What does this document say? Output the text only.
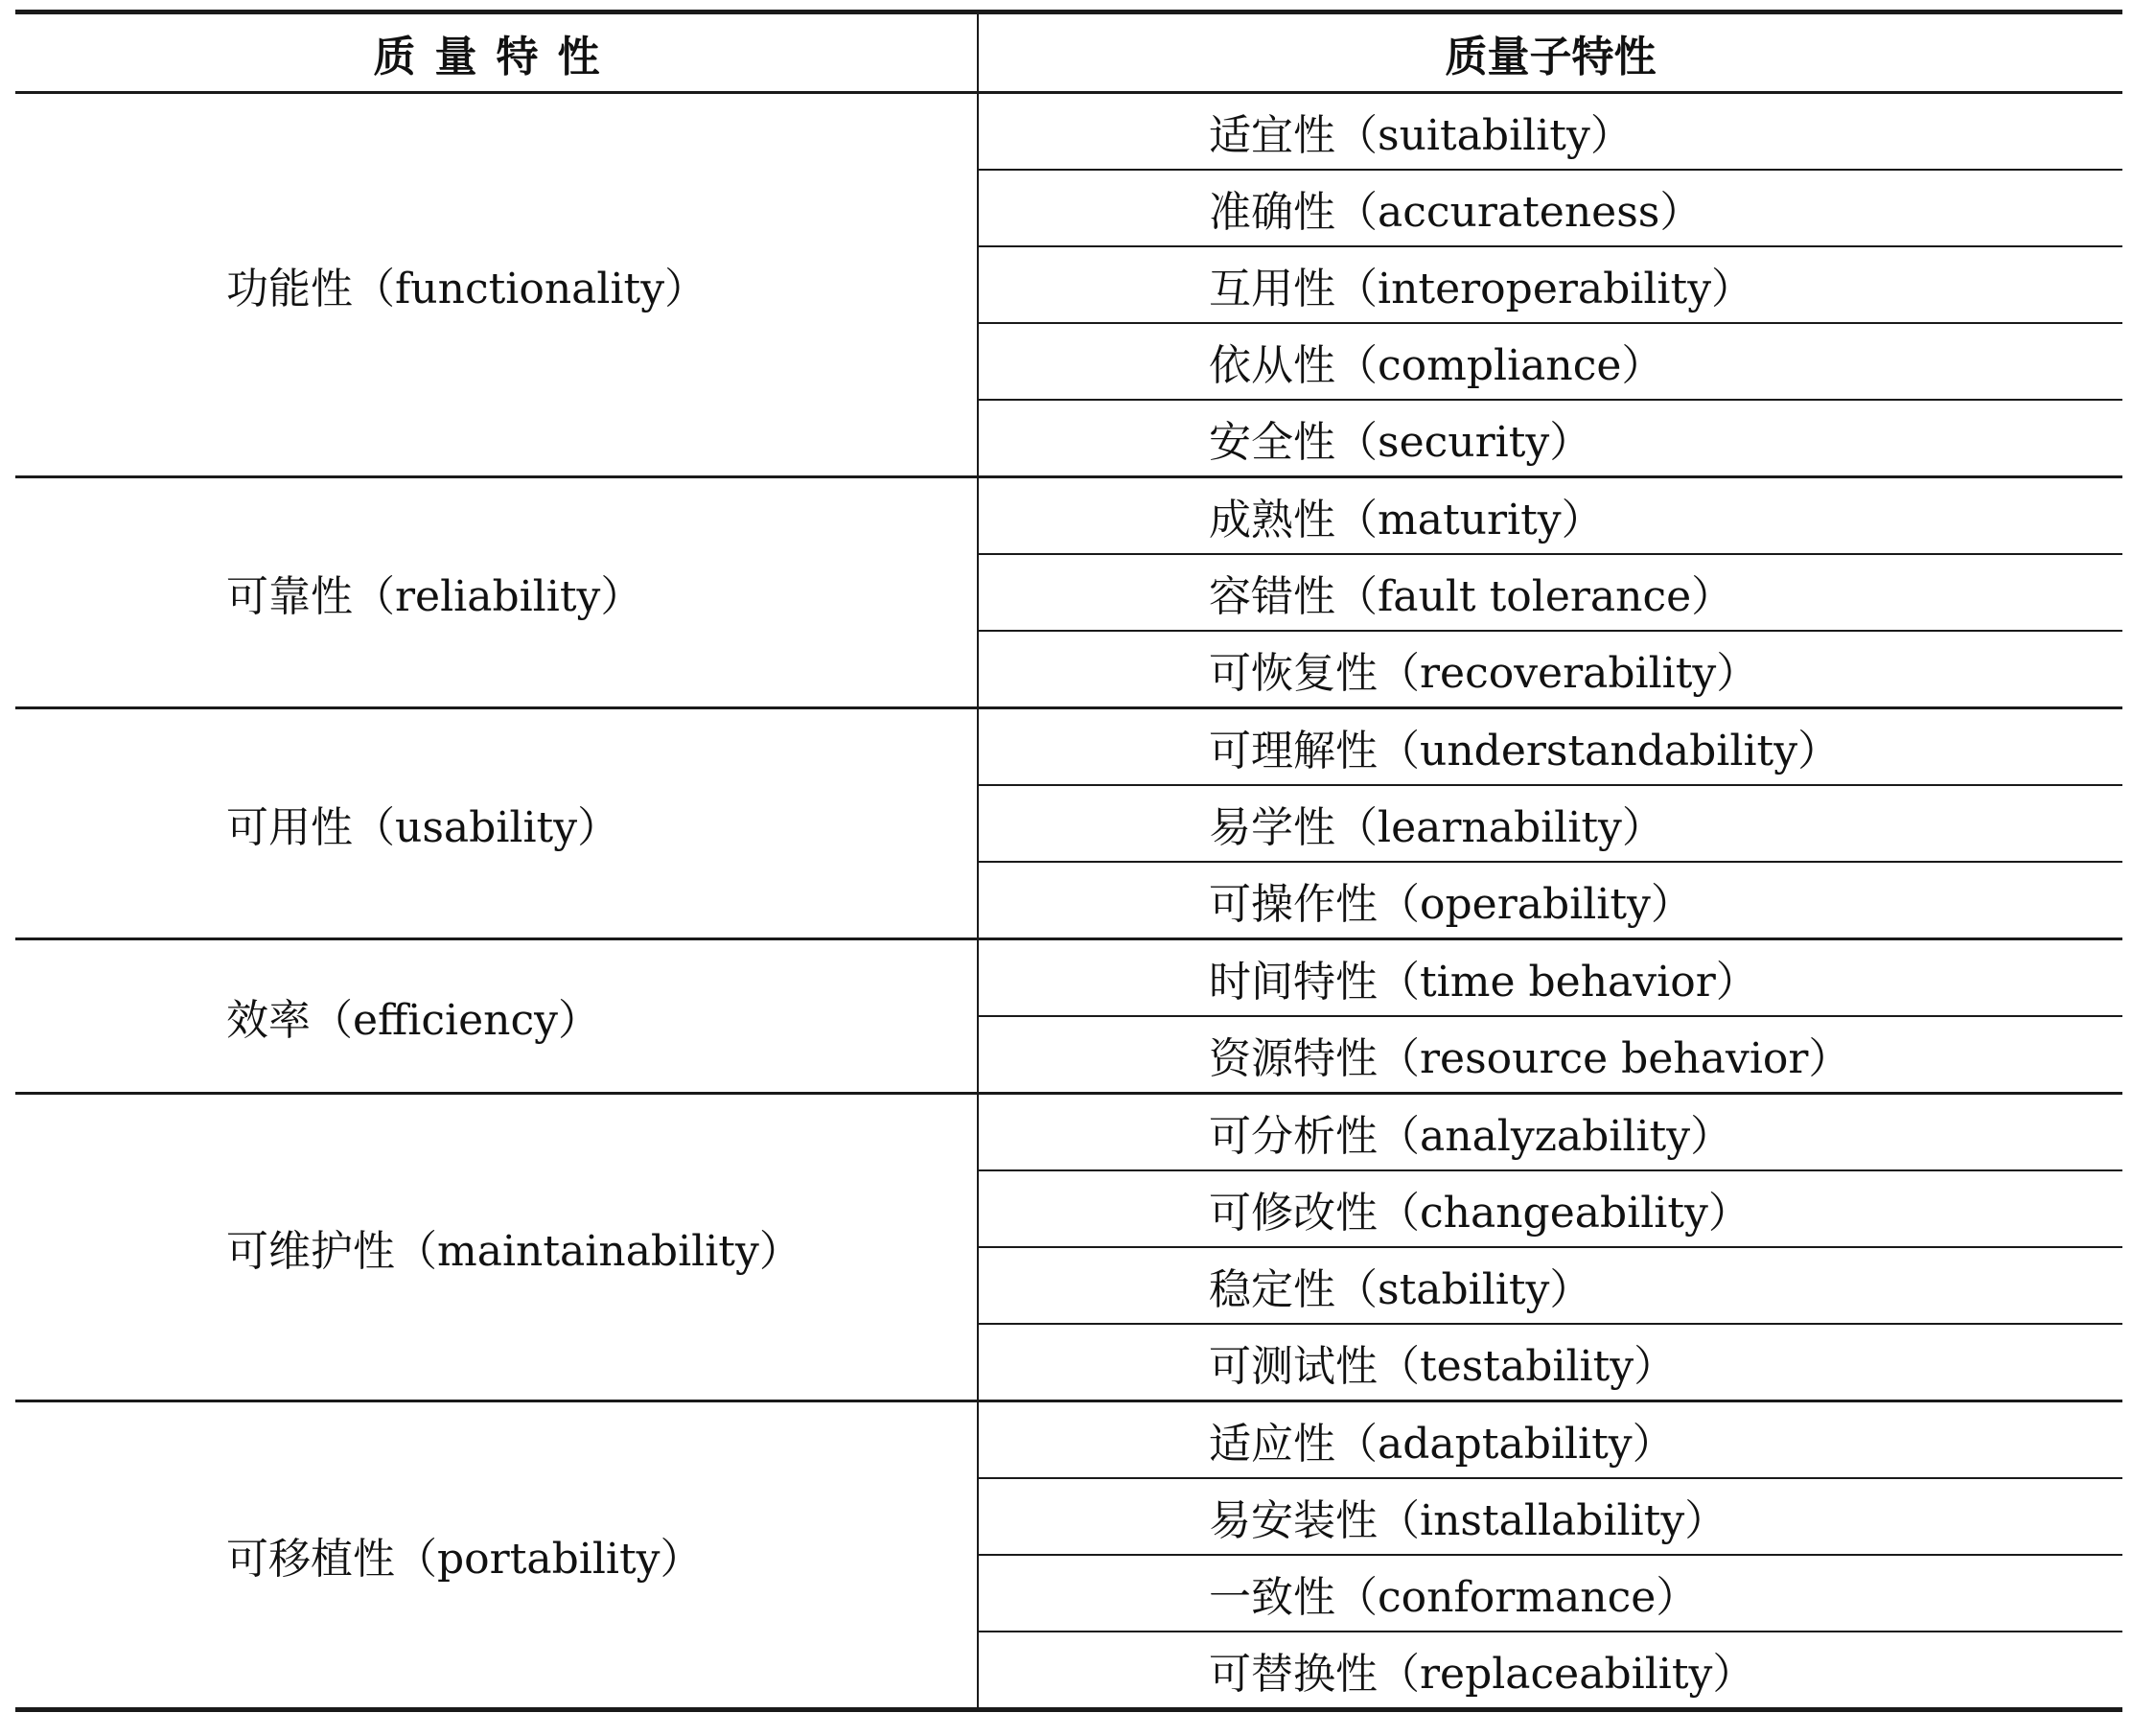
质量特性	质量子特性
功能性（functionality）	适宜性（suitability）
	准确性（accurateness）
	互用性（interoperability）
	依从性（compliance）
	安全性（security）
可靠性（reliability）	成熟性（maturity）
	容错性（fault tolerance）
	可恢复性（recoverability）
可用性（usability）	可理解性（understandability）
	易学性（learnability）
	可操作性（operability）
效率（efficiency）	时间特性（time behavior）
	资源特性（resource behavior）
可维护性（maintainability）	可分析性（analyzability）
	可修改性（changeability）
	稳定性（stability）
	可测试性（testability）
可移植性（portability）	适应性（adaptability）
	易安装性（installability）
	一致性（conformance）
	可替换性（replaceability）
